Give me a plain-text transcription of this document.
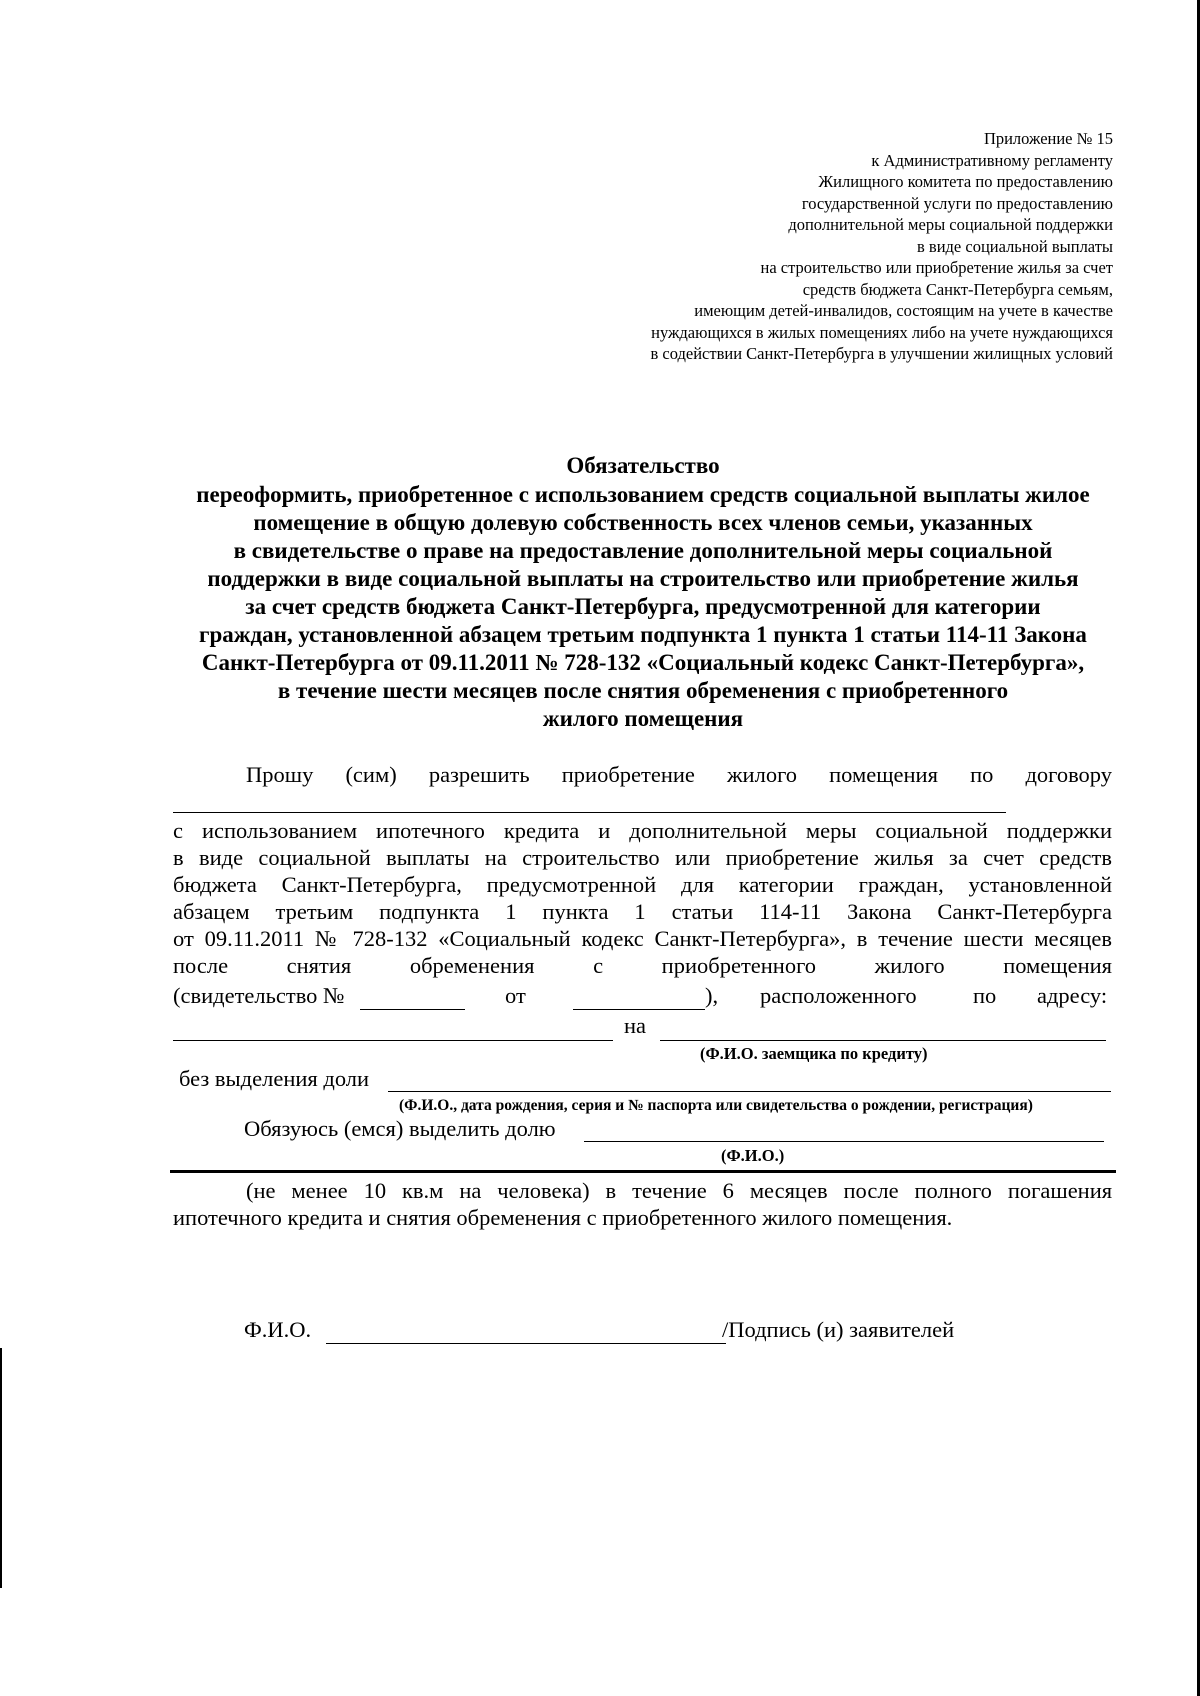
Приложение № 15
к Административному регламенту
Жилищного комитета по предоставлению
государственной услуги по предоставлению
дополнительной меры социальной поддержки
в виде социальной выплаты
на строительство или приобретение жилья за счет
средств бюджета Санкт-Петербурга семьям,
имеющим детей-инвалидов, состоящим на учете в качестве
нуждающихся в жилых помещениях либо на учете нуждающихся
в содействии Санкт-Петербурга в улучшении жилищных условий
Обязательство
переоформить, приобретенное с использованием средств социальной выплаты жилое
помещение в общую долевую собственность всех членов семьи, указанных
в свидетельстве о праве на предоставление дополнительной меры социальной
поддержки в виде социальной выплаты на строительство или приобретение жилья
за счет средств бюджета Санкт-Петербурга, предусмотренной для категории
граждан, установленной абзацем третьим подпункта 1 пункта 1 статьи 114-11 Закона
Санкт-Петербурга от 09.11.2011 № 728-132 «Социальный кодекс Санкт-Петербурга»,
в течение шести месяцев после снятия обременения с приобретенного
жилого помещения
Прошу (сим) разрешить приобретение жилого помещения по договору
с использованием ипотечного кредита и дополнительной меры социальной поддержки
в виде социальной выплаты на строительство или приобретение жилья за счет средств
бюджета Санкт-Петербурга, предусмотренной для категории граждан, установленной
абзацем третьим подпункта 1 пункта 1 статьи 114-11 Закона Санкт-Петербурга
от 09.11.2011 № 728-132 «Социальный кодекс Санкт-Петербурга», в течение шести месяцев
после	снятия	обременения	с	приобретенного	жилого	помещения
(свидетельство №	от	), расположенного	по адресу:
на
(Ф.И.О. заемщика по кредиту)
без выделения доли
(Ф.И.О., дата рождения, серия и № паспорта или свидетельства о рождении, регистрация)
Обязуюсь (емся) выделить долю
(Ф.И.О.)
(не менее 10 кв.м на человека) в течение 6 месяцев после полного погашения
ипотечного кредита и снятия обременения с приобретенного жилого помещения.
Ф.И.О.	/Подпись (и) заявителей
